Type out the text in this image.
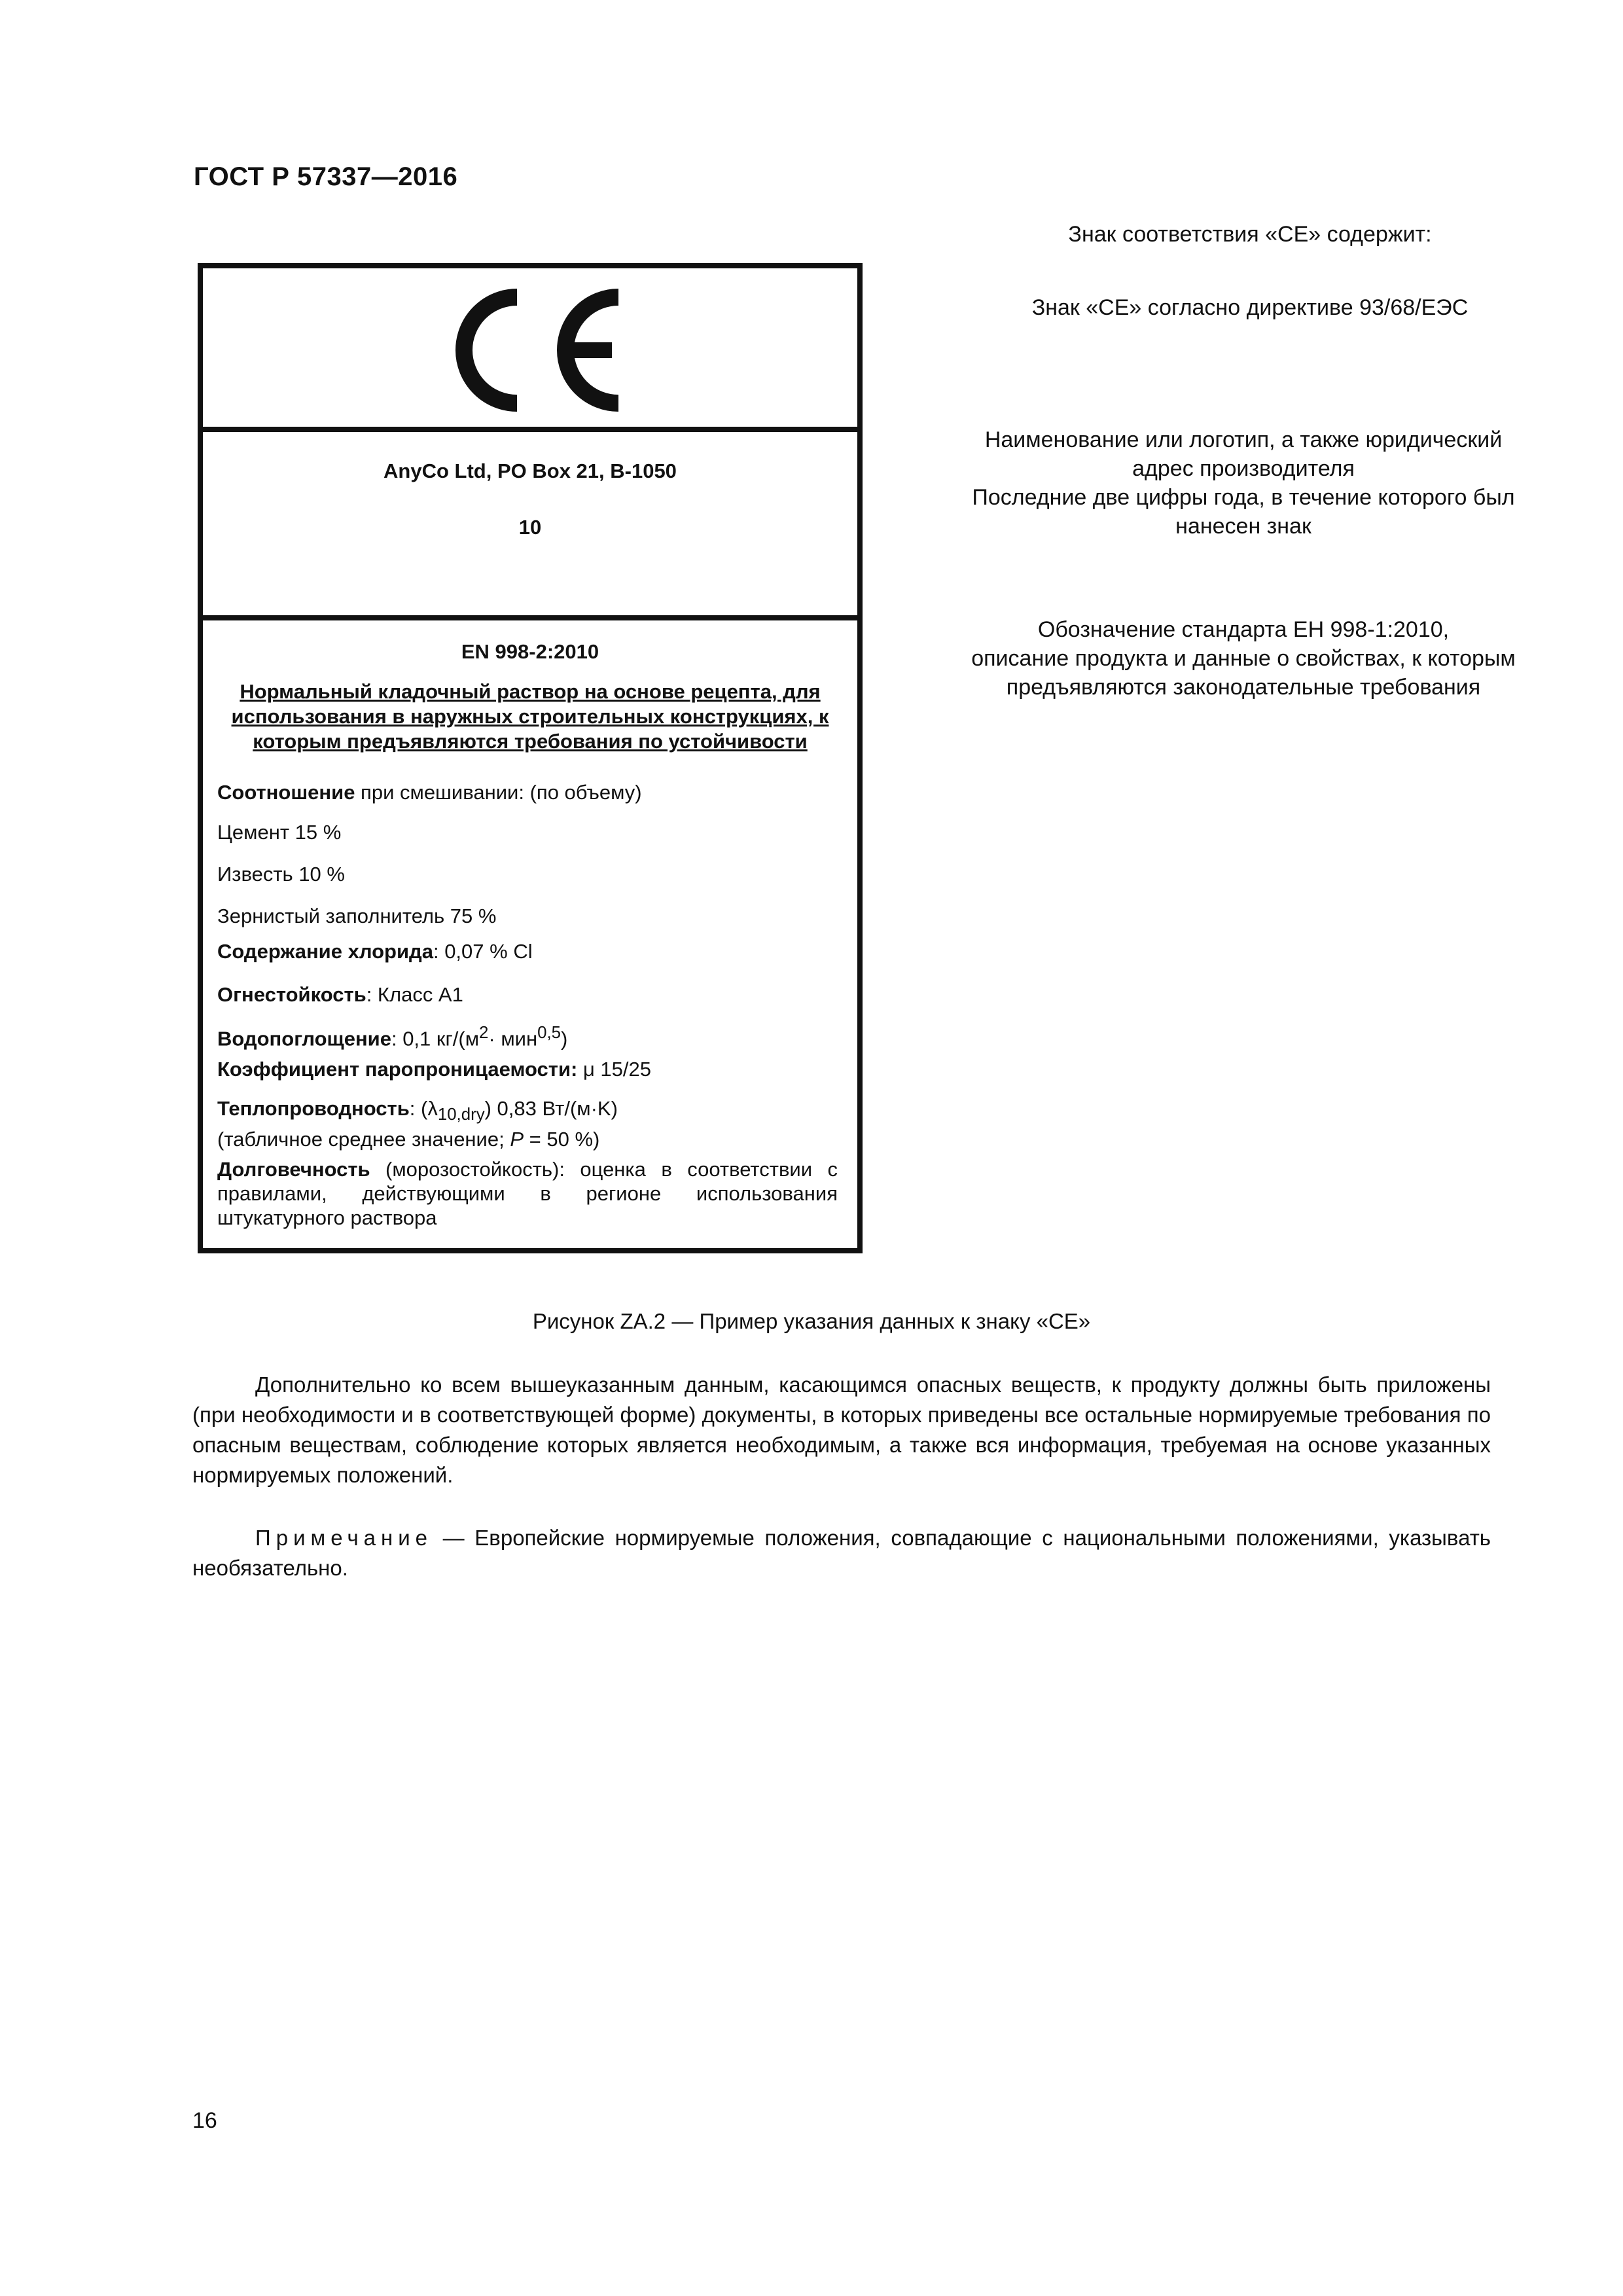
ГОСТ Р 57337—2016
AnyCo Ltd, PO Box 21, B-1050
10
EN 998-2:2010
Нормальный кладочный раствор на основе рецепта, для использования в наружных строительных конструкциях, к которым предъявляются требования по устойчивости
Соотношение при смешивании: (по объему)
Цемент 15 %
Известь 10 %
Зернистый заполнитель 75 %
Содержание хлорида: 0,07 % Cl
Огнестойкость: Класс A1
Водопоглощение: 0,1 $кг/(м^2\cdot мин^{0,5})$
Коэффициент паропроницаемости: μ 15/25
Теплопроводность: $(\lambda_{10,dry})$ 0,83 Вт/(м·K)
(табличное среднее значение; P = 50 %)
Долговечность (морозостойкость): оценка в соответствии с правилами, действующими в регионе использования штукатурного раствора
Знак соответствия «CE» содержит:
Знак «CE» согласно директиве 93/68/ЕЭС
Наименование или логотип, а также юридический
адрес производителя
Последние две цифры года, в течение которого был
нанесен знак
Обозначение стандарта ЕН 998-1:2010,
описание продукта и данные о свойствах, к которым
предъявляются законодательные требования
Рисунок ZA.2 — Пример указания данных к знаку «CE»
Дополнительно ко всем вышеуказанным данным, касающимся опасных веществ, к продукту должны быть приложены (при необходимости и в соответствующей форме) документы, в которых приведены все остальные нормируемые требования по опасным веществам, соблюдение которых является необходимым, а также вся информация, требуемая на основе указанных нормируемых положений.
Примечание — Европейские нормируемые положения, совпадающие с национальными положениями, указывать необязательно.
16
